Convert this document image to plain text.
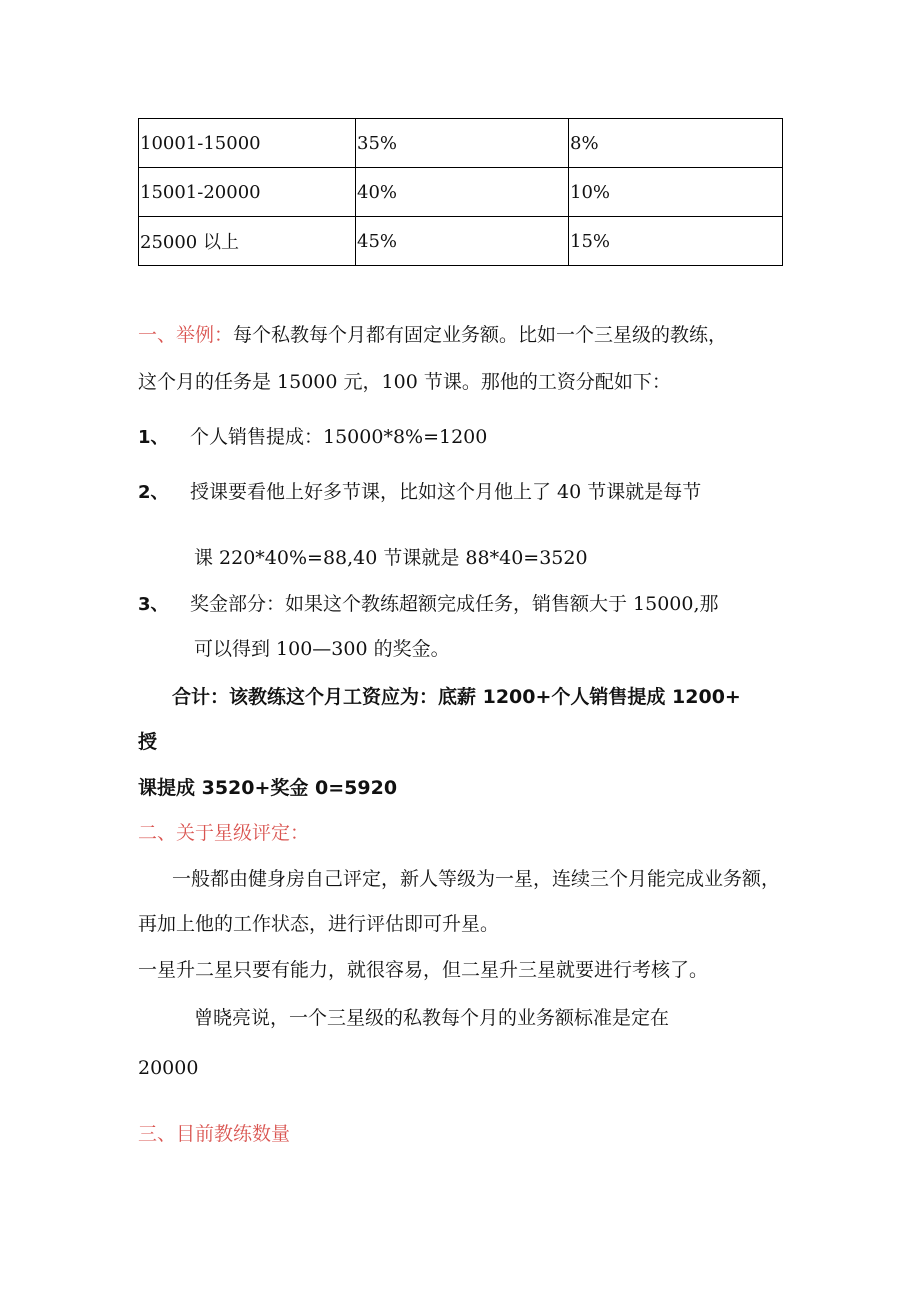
10001-15000	35%	8%
15001-20000	40%	10%
25000 以上	45%	15%
一、举例：每个私教每个月都有固定业务额。比如一个三星级的教练，
这个月的任务是 15000 元，100 节课。那他的工资分配如下：
1、 个人销售提成：15000*8%=1200
2、 授课要看他上好多节课，比如这个月他上了 40 节课就是每节
课 220*40%=88,40 节课就是 88*40=3520
3、 奖金部分：如果这个教练超额完成任务，销售额大于 15000,那
可以得到 100—300 的奖金。
合计：该教练这个月工资应为：底薪 1200+个人销售提成 1200+
授
课提成 3520+奖金 0=5920
二、关于星级评定：
一般都由健身房自己评定，新人等级为一星，连续三个月能完成业务额，
再加上他的工作状态，进行评估即可升星。
一星升二星只要有能力，就很容易，但二星升三星就要进行考核了。
曾晓亮说，一个三星级的私教每个月的业务额标准是定在
20000
三、目前教练数量
